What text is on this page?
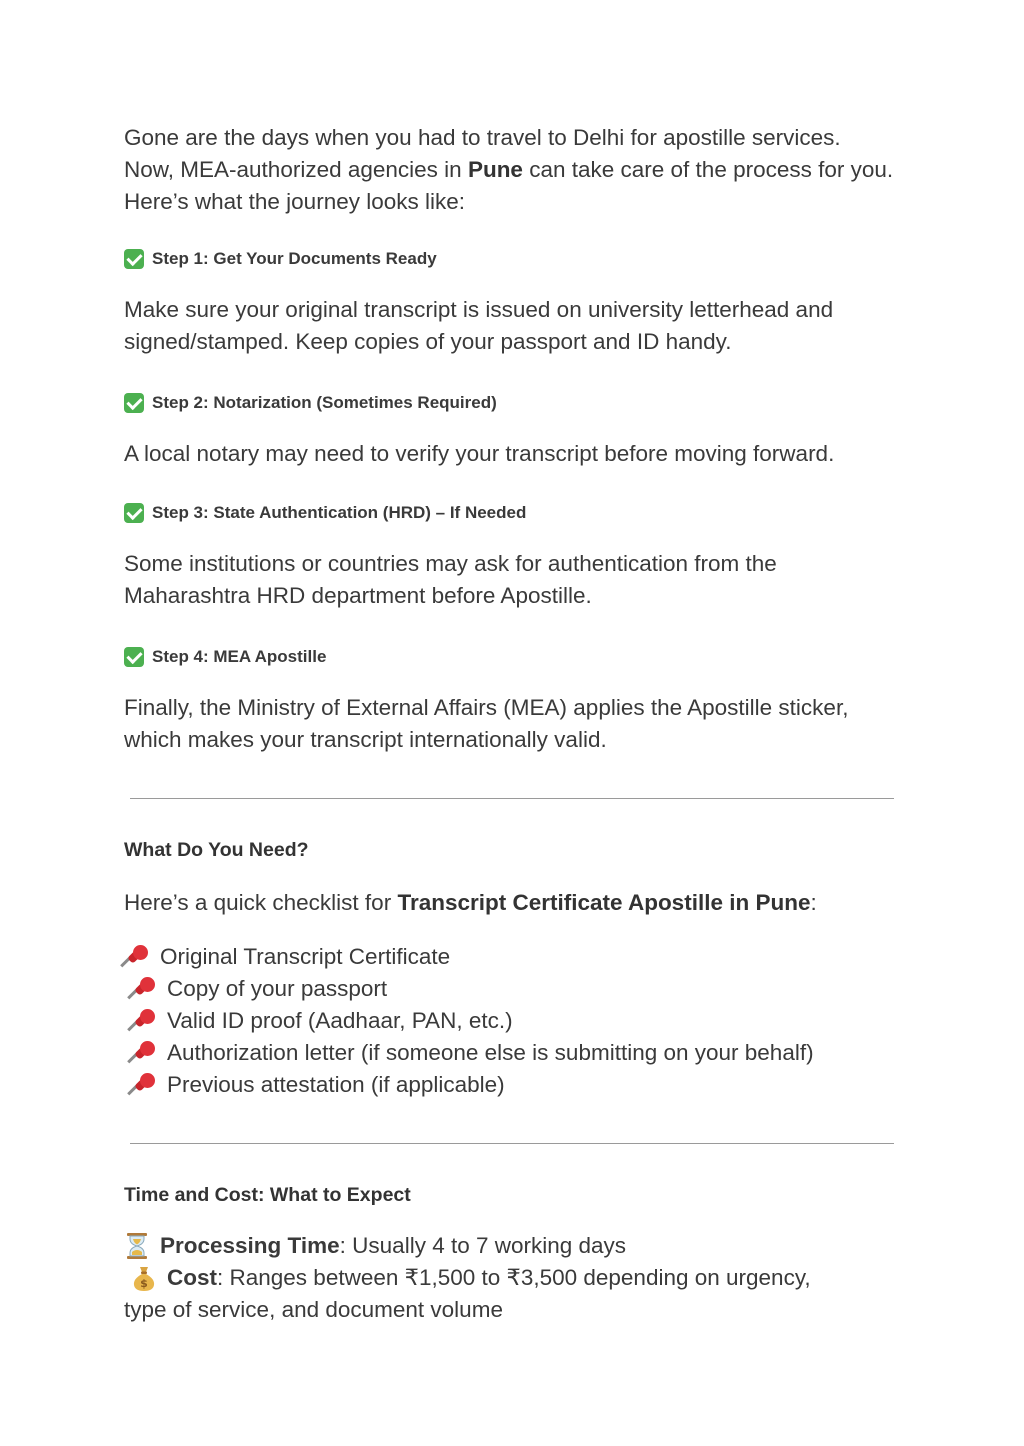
Gone are the days when you had to travel to Delhi for apostille services. Now, MEA-authorized agencies in Pune can take care of the process for you. Here’s what the journey looks like:

Step 1: Get Your Documents Ready

Make sure your original transcript is issued on university letterhead and signed/stamped. Keep copies of your passport and ID handy.

Step 2: Notarization (Sometimes Required)

A local notary may need to verify your transcript before moving forward.

Step 3: State Authentication (HRD) – If Needed

Some institutions or countries may ask for authentication from the Maharashtra HRD department before Apostille.

Step 4: MEA Apostille

Finally, the Ministry of External Affairs (MEA) applies the Apostille sticker, which makes your transcript internationally valid.

What Do You Need?

Here’s a quick checklist for Transcript Certificate Apostille in Pune:

Original Transcript Certificate
Copy of your passport
Valid ID proof (Aadhaar, PAN, etc.)
Authorization letter (if someone else is submitting on your behalf)
Previous attestation (if applicable)

Time and Cost: What to Expect

Processing Time: Usually 4 to 7 working days
$ Cost: Ranges between ₹1,500 to ₹3,500 depending on urgency,

type of service, and document volume
